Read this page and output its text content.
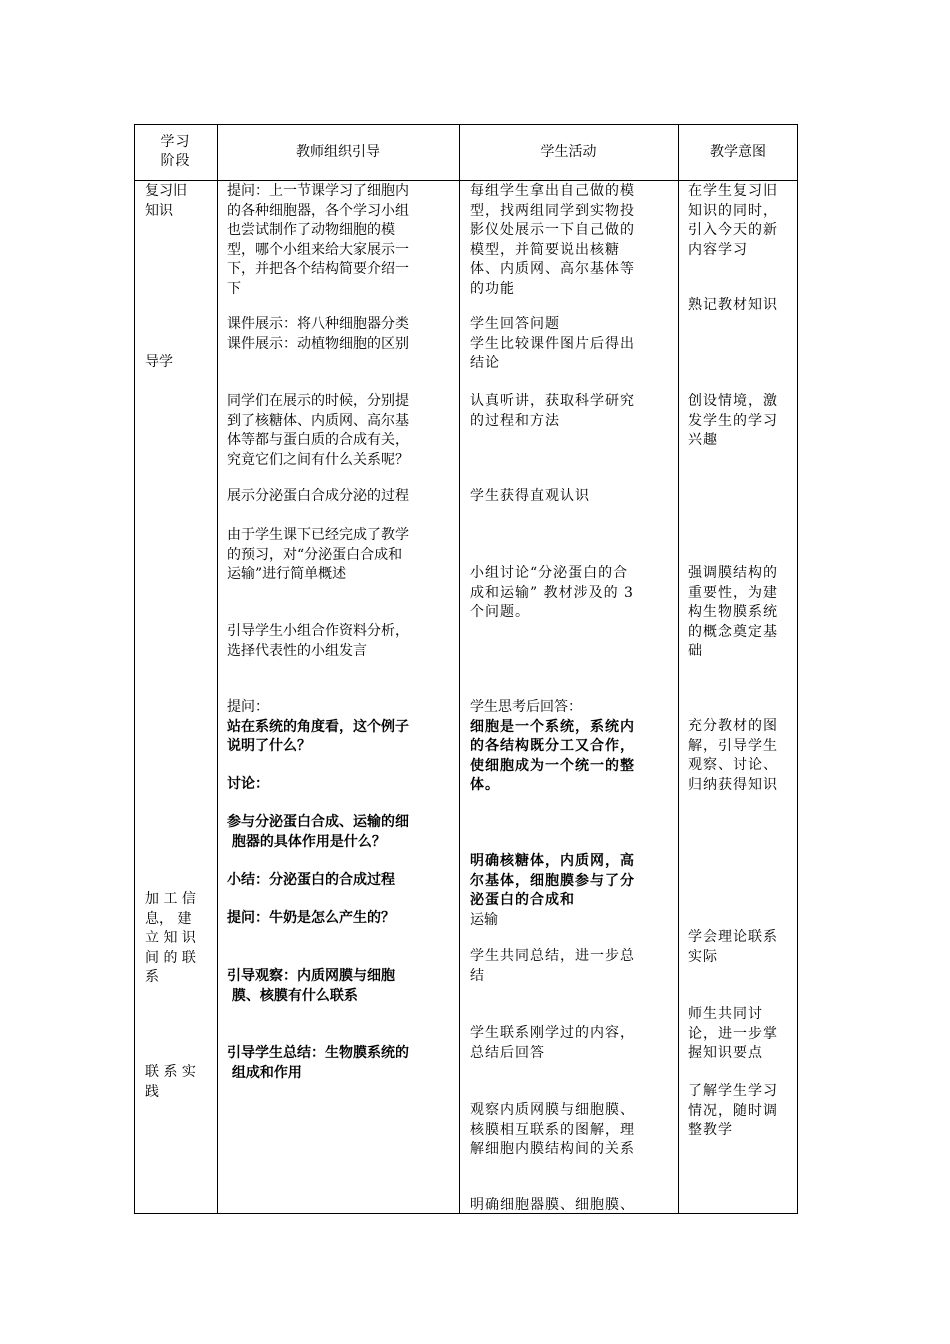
学习阶段
教师组织引导	学生活动	教学意图
复习旧
知识
导学
加 工 信
息， 建
立 知 识
间 的 联
系
联 系 实
践
提问：上一节课学习了细胞内
的各种细胞器，各个学习小组
也尝试制作了动物细胞的模
型，哪个小组来给大家展示一
下，并把各个结构简要介绍一
下
课件展示：将八种细胞器分类
课件展示：动植物细胞的区别
同学们在展示的时候，分别提
到了核糖体、内质网、高尔基
体等都与蛋白质的合成有关，
究竟它们之间有什么关系呢？
展示分泌蛋白合成分泌的过程
由于学生课下已经完成了教学
的预习，对“分泌蛋白合成和
运输”进行简单概述
引导学生小组合作资料分析，
选择代表性的小组发言
提问：
站在系统的角度看，这个例子
说明了什么？
讨论：
参与分泌蛋白合成、运输的细
胞器的具体作用是什么？
小结：分泌蛋白的合成过程
提问：牛奶是怎么产生的？
引导观察：内质网膜与细胞
膜、核膜有什么联系
引导学生总结：生物膜系统的
组成和作用
每组学生拿出自己做的模
型，找两组同学到实物投
影仪处展示一下自己做的
模型，并简要说出核糖
体、内质网、高尔基体等
的功能
学生回答问题
学生比较课件图片后得出
结论
认真听讲，获取科学研究
的过程和方法
学生获得直观认识
小组讨论“分泌蛋白的合
成和运输” 教材涉及的 3
个问题。
学生思考后回答：
细胞是一个系统，系统内
的各结构既分工又合作，
使细胞成为一个统一的整
体。
明确核糖体，内质网，高
尔基体，细胞膜参与了分
泌蛋白的合成和
运输
学生共同总结，进一步总
结
学生联系刚学过的内容，
总结后回答
观察内质网膜与细胞膜、
核膜相互联系的图解，理
解细胞内膜结构间的关系
明确细胞器膜、细胞膜、
在学生复习旧
知识的同时，
引入今天的新
内容学习
熟记教材知识
创设情境，激
发学生的学习
兴趣
强调膜结构的
重要性，为建
构生物膜系统
的概念奠定基
础
充分教材的图
解，引导学生
观察、讨论、
归纳获得知识
学会理论联系
实际
师生共同讨
论，进一步掌
握知识要点
了解学生学习
情况，随时调
整教学
